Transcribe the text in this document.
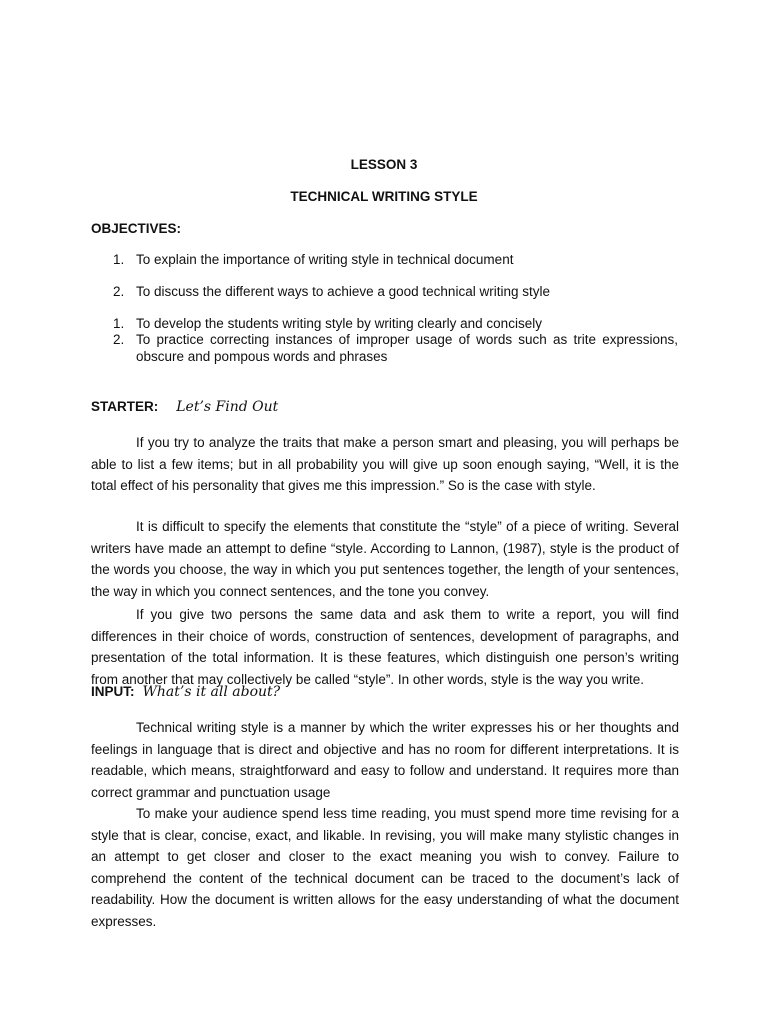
LESSON 3
TECHNICAL WRITING STYLE
OBJECTIVES:
1. To explain the importance of writing style in technical document
2. To discuss the different ways to achieve a good technical writing style
1. To develop the students writing style by writing clearly and concisely
2. To practice correcting instances of improper usage of words such as trite expressions, obscure and pompous words and phrases
STARTER: Let’s Find Out

If you try to analyze the traits that make a person smart and pleasing, you will perhaps be able to list a few items; but in all probability you will give up soon enough saying, “Well, it is the total effect of his personality that gives me this impression.” So is the case with style.

It is difficult to specify the elements that constitute the “style” of a piece of writing. Several writers have made an attempt to define “style. According to Lannon, (1987), style is the product of the words you choose, the way in which you put sentences together, the length of your sentences, the way in which you connect sentences, and the tone you convey.

If you give two persons the same data and ask them to write a report, you will find differences in their choice of words, construction of sentences, development of paragraphs, and presentation of the total information. It is these features, which distinguish one person’s writing from another that may collectively be called “style”. In other words, style is the way you write.

INPUT: What’s it all about?

Technical writing style is a manner by which the writer expresses his or her thoughts and feelings in language that is direct and objective and has no room for different interpretations. It is readable, which means, straightforward and easy to follow and understand. It requires more than correct grammar and punctuation usage

To make your audience spend less time reading, you must spend more time revising for a style that is clear, concise, exact, and likable. In revising, you will make many stylistic changes in an attempt to get closer and closer to the exact meaning you wish to convey. Failure to comprehend the content of the technical document can be traced to the document’s lack of readability. How the document is written allows for the easy understanding of what the document expresses.
